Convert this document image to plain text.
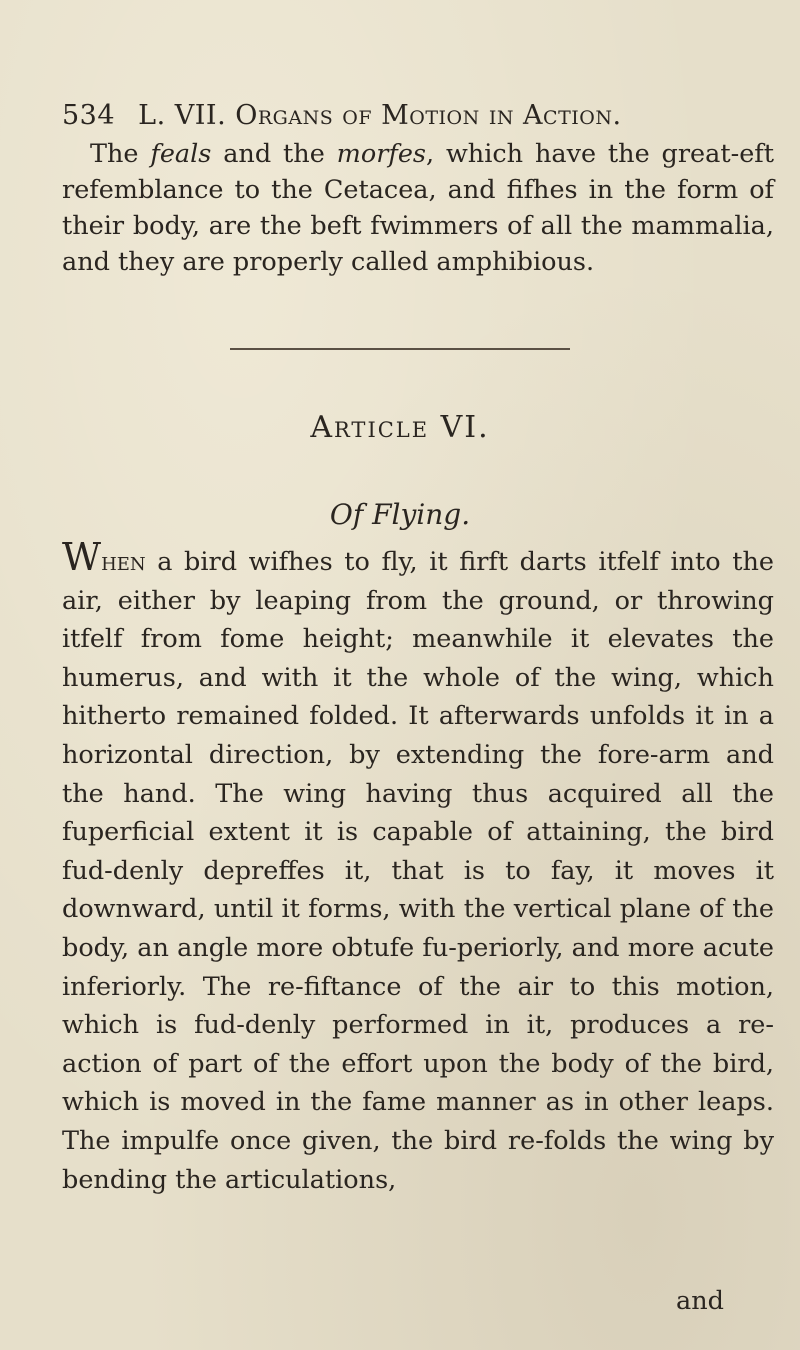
534 L. VII. Organs of Motion in Action.

The feals and the morfes, which have the great-eft refemblance to the Cetacea, and fifhes in the form of their body, are the beft fwimmers of all the mammalia, and they are properly called amphibious.

Article VI.
Of Flying.

When a bird wifhes to fly, it firft darts itfelf into the air, either by leaping from the ground, or throwing itfelf from fome height; meanwhile it elevates the humerus, and with it the whole of the wing, which hitherto remained folded. It afterwards unfolds it in a horizontal direction, by extending the fore-arm and the hand. The wing having thus acquired all the fuperficial extent it is capable of attaining, the bird fud-denly depreffes it, that is to fay, it moves it downward, until it forms, with the vertical plane of the body, an angle more obtufe fu-periorly, and more acute inferiorly. The re-fiftance of the air to this motion, which is fud-denly performed in it, produces a re-action of part of the effort upon the body of the bird, which is moved in the fame manner as in other leaps. The impulfe once given, the bird re-folds the wing by bending the articulations,

and
